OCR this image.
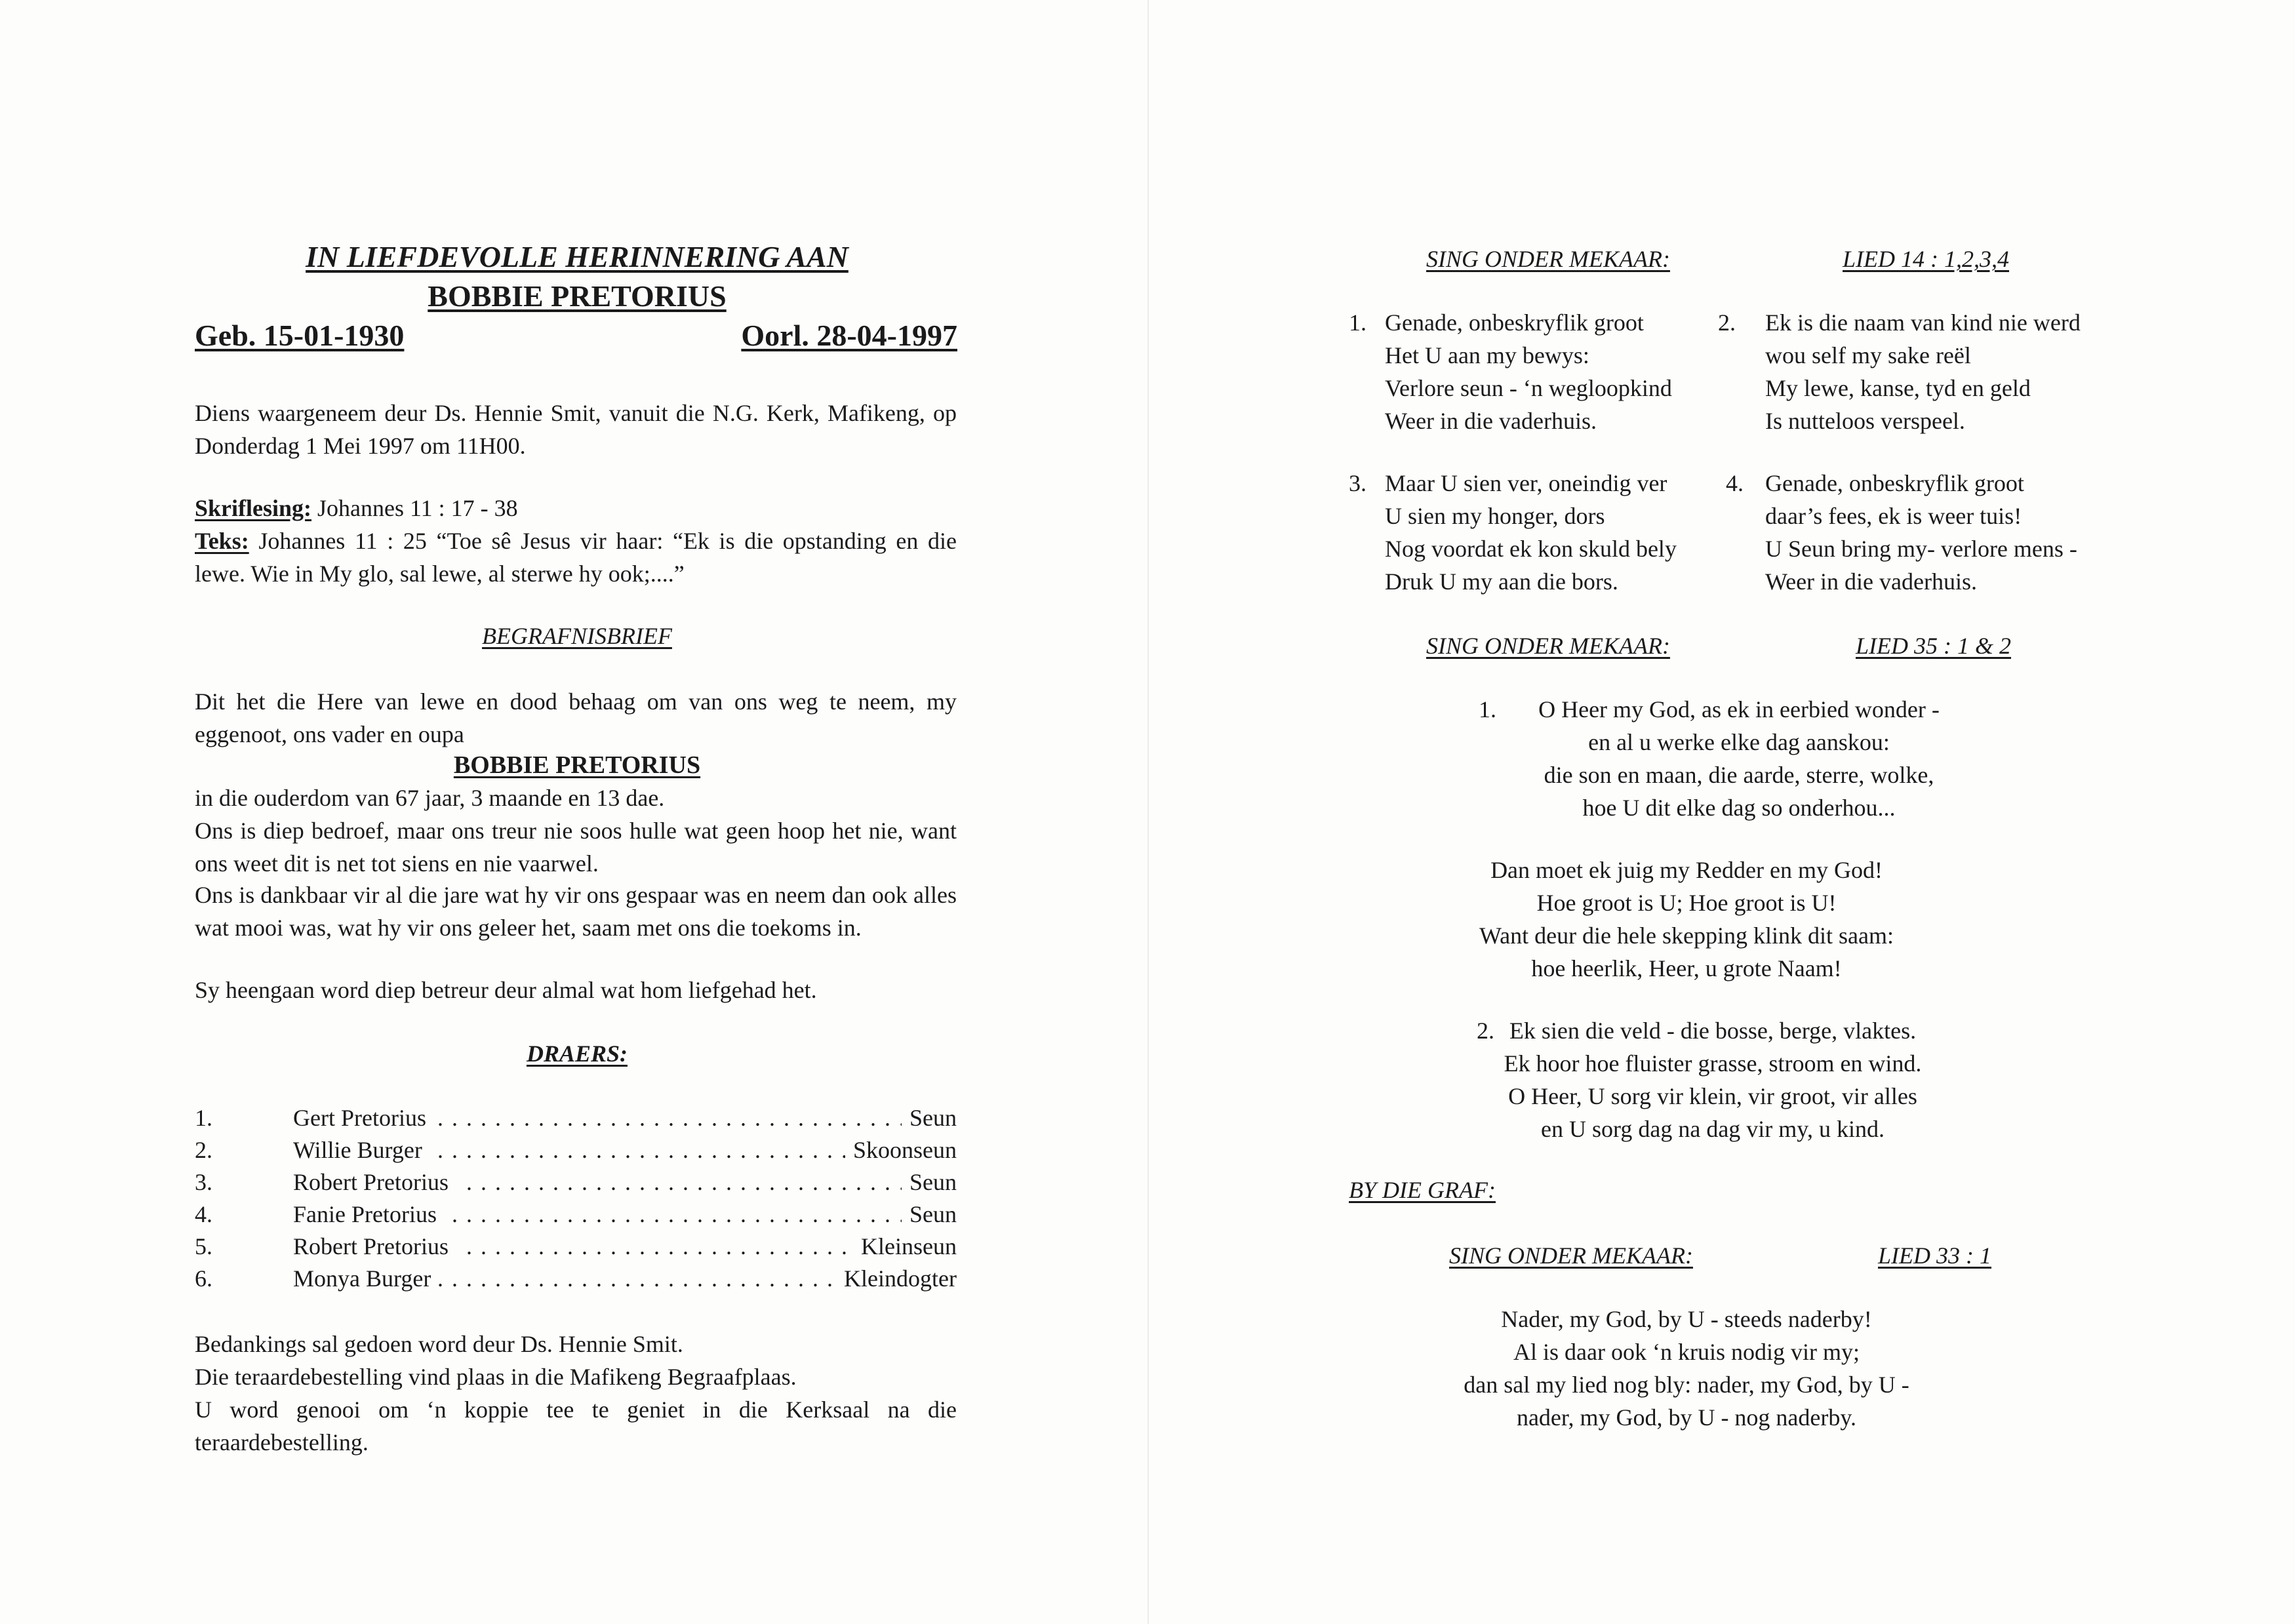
IN LIEFDEVOLLE HERINNERING AAN
BOBBIE PRETORIUS
Geb. 15-01-1930	Oorl. 28-04-1997
Diens waargeneem deur Ds. Hennie Smit, vanuit die N.G. Kerk, Mafikeng, op Donderdag 1 Mei 1997 om 11H00.
Skriflesing: Johannes 11 : 17 - 38
Teks: Johannes 11 : 25 “Toe sê Jesus vir haar: “Ek is die opstanding en die lewe. Wie in My glo, sal lewe, al sterwe hy ook;....”
BEGRAFNISBRIEF
Dit het die Here van lewe en dood behaag om van ons weg te neem, my eggenoot, ons vader en oupa
BOBBIE PRETORIUS
in die ouderdom van 67 jaar, 3 maande en 13 dae.
Ons is diep bedroef, maar ons treur nie soos hulle wat geen hoop het nie, want ons weet dit is net tot siens en nie vaarwel.
Ons is dankbaar vir al die jare wat hy vir ons gespaar was en neem dan ook alles wat mooi was, wat hy vir ons geleer het, saam met ons die toekoms in.
Sy heengaan word diep betreur deur almal wat hom liefgehad het.
DRAERS:
1.	Gert Pretorius . . .	Seun
2.	Willie Burger . . .	Skoonseun
3.	Robert Pretorius . . .	Seun
4.	Fanie Pretorius . . .	Seun
5.	Robert Pretorius . . .	Kleinseun
6.	Monya Burger . . .	Kleindogter
Bedankings sal gedoen word deur Ds. Hennie Smit.
Die teraardebestelling vind plaas in die Mafikeng Begraafplaas.
U word genooi om ‘n koppie tee te geniet in die Kerksaal na die teraardebestelling.
SING ONDER MEKAAR:	LIED 14 : 1,2,3,4
1. Genade, onbeskryflik groot
Het U aan my bewys:
Verlore seun - ‘n wegloopkind
Weer in die vaderhuis.
2. Ek is die naam van kind nie werd
wou self my sake reël
My lewe, kanse, tyd en geld
Is nutteloos verspeel.
3. Maar U sien ver, oneindig ver
U sien my honger, dors
Nog voordat ek kon skuld bely
Druk U my aan die bors.
4. Genade, onbeskryflik groot
daar’s fees, ek is weer tuis!
U Seun bring my- verlore mens -
Weer in die vaderhuis.
SING ONDER MEKAAR:	LIED 35 : 1 & 2
1.	O Heer my God, as ek in eerbied wonder -
en al u werke elke dag aanskou:
die son en maan, die aarde, sterre, wolke,
hoe U dit elke dag so onderhou...
Dan moet ek juig my Redder en my God!
Hoe groot is U; Hoe groot is U!
Want deur die hele skepping klink dit saam:
hoe heerlik, Heer, u grote Naam!
2. Ek sien die veld - die bosse, berge, vlaktes.
Ek hoor hoe fluister grasse, stroom en wind.
O Heer, U sorg vir klein, vir groot, vir alles
en U sorg dag na dag vir my, u kind.
BY DIE GRAF:
SING ONDER MEKAAR:	LIED 33 : 1
Nader, my God, by U - steeds naderby!
Al is daar ook ‘n kruis nodig vir my;
dan sal my lied nog bly: nader, my God, by U -
nader, my God, by U - nog naderby.
